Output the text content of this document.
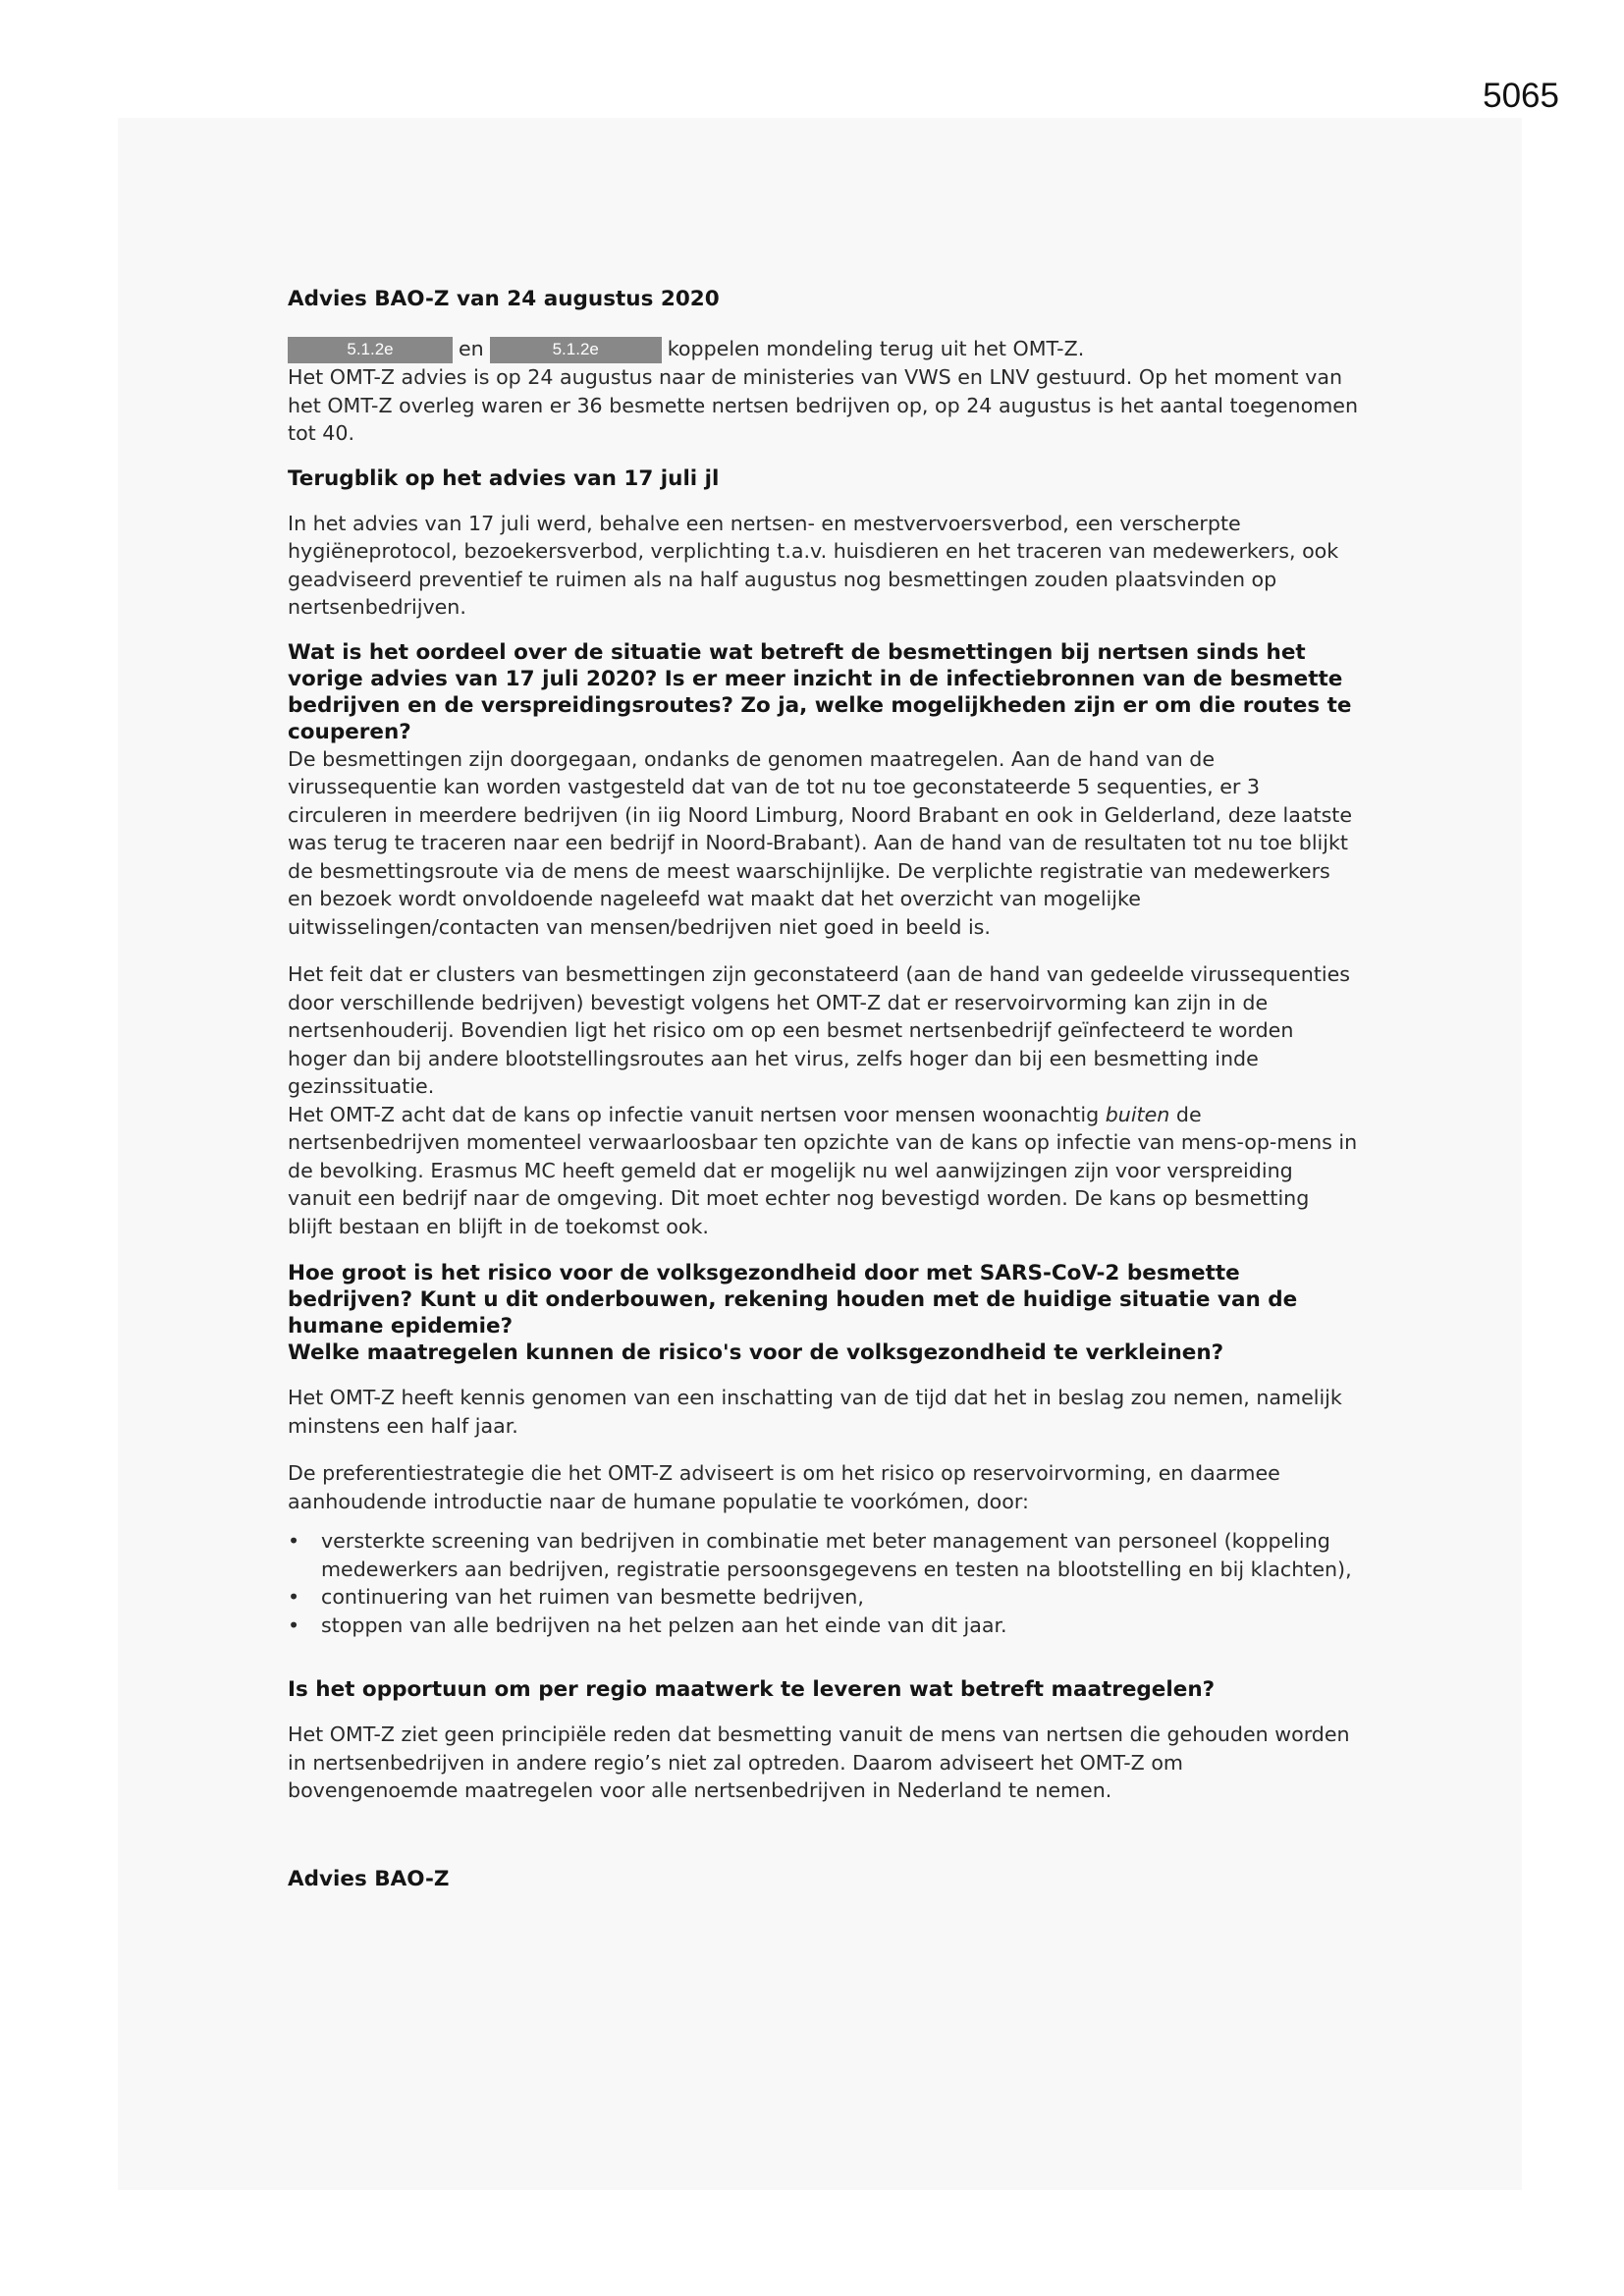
5065
Advies BAO-Z van 24 augustus 2020

5.1.2e	en	5.1.2e	koppelen mondeling terug uit het OMT-Z.

Het OMT-Z advies is op 24 augustus naar de ministeries van VWS en LNV gestuurd. Op het moment van het OMT-Z overleg waren er 36 besmette nertsen bedrijven op, op 24 augustus is het aantal toegenomen tot 40.

Terugblik op het advies van 17 juli jl

In het advies van 17 juli werd, behalve een nertsen- en mestvervoersverbod, een verscherpte hygiëneprotocol, bezoekersverbod, verplichting t.a.v. huisdieren en het traceren van medewerkers, ook geadviseerd preventief te ruimen als na half augustus nog besmettingen zouden plaatsvinden op nertsenbedrijven.

Wat is het oordeel over de situatie wat betreft de besmettingen bij nertsen sinds het vorige advies van 17 juli 2020? Is er meer inzicht in de infectiebronnen van de besmette bedrijven en de verspreidingsroutes? Zo ja, welke mogelijkheden zijn er om die routes te couperen?

De besmettingen zijn doorgegaan, ondanks de genomen maatregelen. Aan de hand van de virussequentie kan worden vastgesteld dat van de tot nu toe geconstateerde 5 sequenties, er 3 circuleren in meerdere bedrijven (in iig Noord Limburg, Noord Brabant en ook in Gelderland, deze laatste was terug te traceren naar een bedrijf in Noord-Brabant). Aan de hand van de resultaten tot nu toe blijkt de besmettingsroute via de mens de meest waarschijnlijke. De verplichte registratie van medewerkers en bezoek wordt onvoldoende nageleefd wat maakt dat het overzicht van mogelijke uitwisselingen/contacten van mensen/bedrijven niet goed in beeld is.

Het feit dat er clusters van besmettingen zijn geconstateerd (aan de hand van gedeelde virussequenties door verschillende bedrijven) bevestigt volgens het OMT-Z dat er reservoirvorming kan zijn in de nertsenhouderij. Bovendien ligt het risico om op een besmet nertsenbedrijf geïnfecteerd te worden hoger dan bij andere blootstellingsroutes aan het virus, zelfs hoger dan bij een besmetting inde gezinssituatie.

Het OMT-Z acht dat de kans op infectie vanuit nertsen voor mensen woonachtig buiten de nertsenbedrijven momenteel verwaarloosbaar ten opzichte van de kans op infectie van mens-op-mens in de bevolking. Erasmus MC heeft gemeld dat er mogelijk nu wel aanwijzingen zijn voor verspreiding vanuit een bedrijf naar de omgeving. Dit moet echter nog bevestigd worden. De kans op besmetting blijft bestaan en blijft in de toekomst ook.

Hoe groot is het risico voor de volksgezondheid door met SARS-CoV-2 besmette bedrijven? Kunt u dit onderbouwen, rekening houden met de huidige situatie van de humane epidemie?
Welke maatregelen kunnen de risico's voor de volksgezondheid te verkleinen?

Het OMT-Z heeft kennis genomen van een inschatting van de tijd dat het in beslag zou nemen, namelijk minstens een half jaar.

De preferentiestrategie die het OMT-Z adviseert is om het risico op reservoirvorming, en daarmee aanhoudende introductie naar de humane populatie te voorkómen, door:

• versterkte screening van bedrijven in combinatie met beter management van personeel (koppeling medewerkers aan bedrijven, registratie persoonsgegevens en testen na blootstelling en bij klachten),
• continuering van het ruimen van besmette bedrijven,
• stoppen van alle bedrijven na het pelzen aan het einde van dit jaar.
Is het opportuun om per regio maatwerk te leveren wat betreft maatregelen?

Het OMT-Z ziet geen principiële reden dat besmetting vanuit de mens van nertsen die gehouden worden in nertsenbedrijven in andere regio’s niet zal optreden. Daarom adviseert het OMT-Z om bovengenoemde maatregelen voor alle nertsenbedrijven in Nederland te nemen.

Advies BAO-Z
